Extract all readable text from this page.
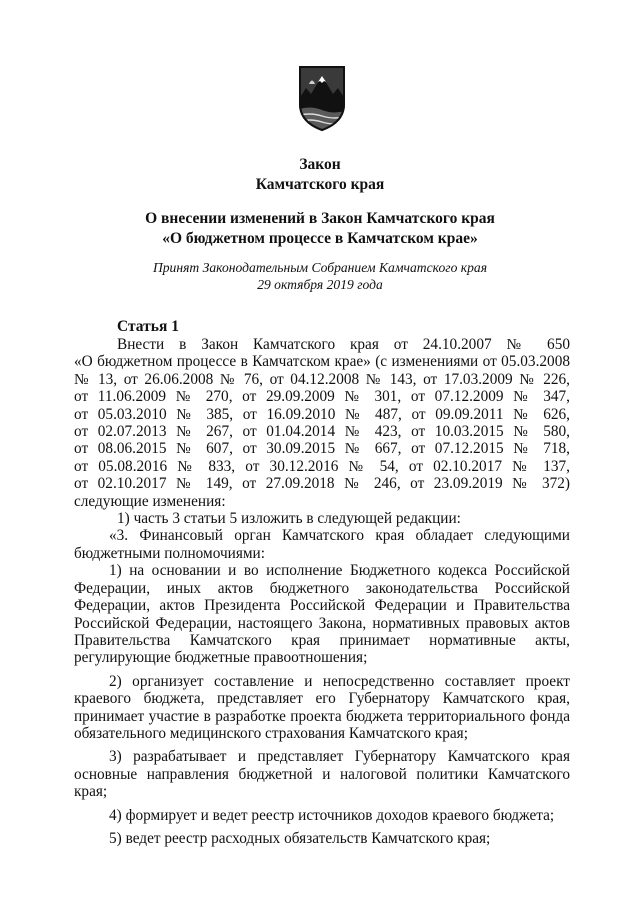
Закон
Камчатского края
О внесении изменений в Закон Камчатского края
«О бюджетном процессе в Камчатском крае»
Принят Законодательным Собранием Камчатского края
29 октября 2019 года
Статья 1
Внести в Закон Камчатского края от 24.10.2007 № 650
«О бюджетном процессе в Камчатском крае» (с изменениями от 05.03.2008
№ 13, от 26.06.2008 № 76, от 04.12.2008 № 143, от 17.03.2009 № 226,
от 11.06.2009 № 270, от 29.09.2009 № 301, от 07.12.2009 № 347,
от 05.03.2010 № 385, от 16.09.2010 № 487, от 09.09.2011 № 626,
от 02.07.2013 № 267, от 01.04.2014 № 423, от 10.03.2015 № 580,
от 08.06.2015 № 607, от 30.09.2015 № 667, от 07.12.2015 № 718,
от 05.08.2016 № 833, от 30.12.2016 № 54, от 02.10.2017 № 137,
от 02.10.2017 № 149, от 27.09.2018 № 246, от 23.09.2019 № 372)
следующие изменения:
1) часть 3 статьи 5 изложить в следующей редакции:
«3. Финансовый орган Камчатского края обладает следующими
бюджетными полномочиями:
1) на основании и во исполнение Бюджетного кодекса Российской
Федерации, иных актов бюджетного законодательства Российской
Федерации, актов Президента Российской Федерации и Правительства
Российской Федерации, настоящего Закона, нормативных правовых актов
Правительства Камчатского края принимает нормативные акты,
регулирующие бюджетные правоотношения;
2) организует составление и непосредственно составляет проект
краевого бюджета, представляет его Губернатору Камчатского края,
принимает участие в разработке проекта бюджета территориального фонда
обязательного медицинского страхования Камчатского края;
3) разрабатывает и представляет Губернатору Камчатского края
основные направления бюджетной и налоговой политики Камчатского
края;
4) формирует и ведет реестр источников доходов краевого бюджета;
5) ведет реестр расходных обязательств Камчатского края;
